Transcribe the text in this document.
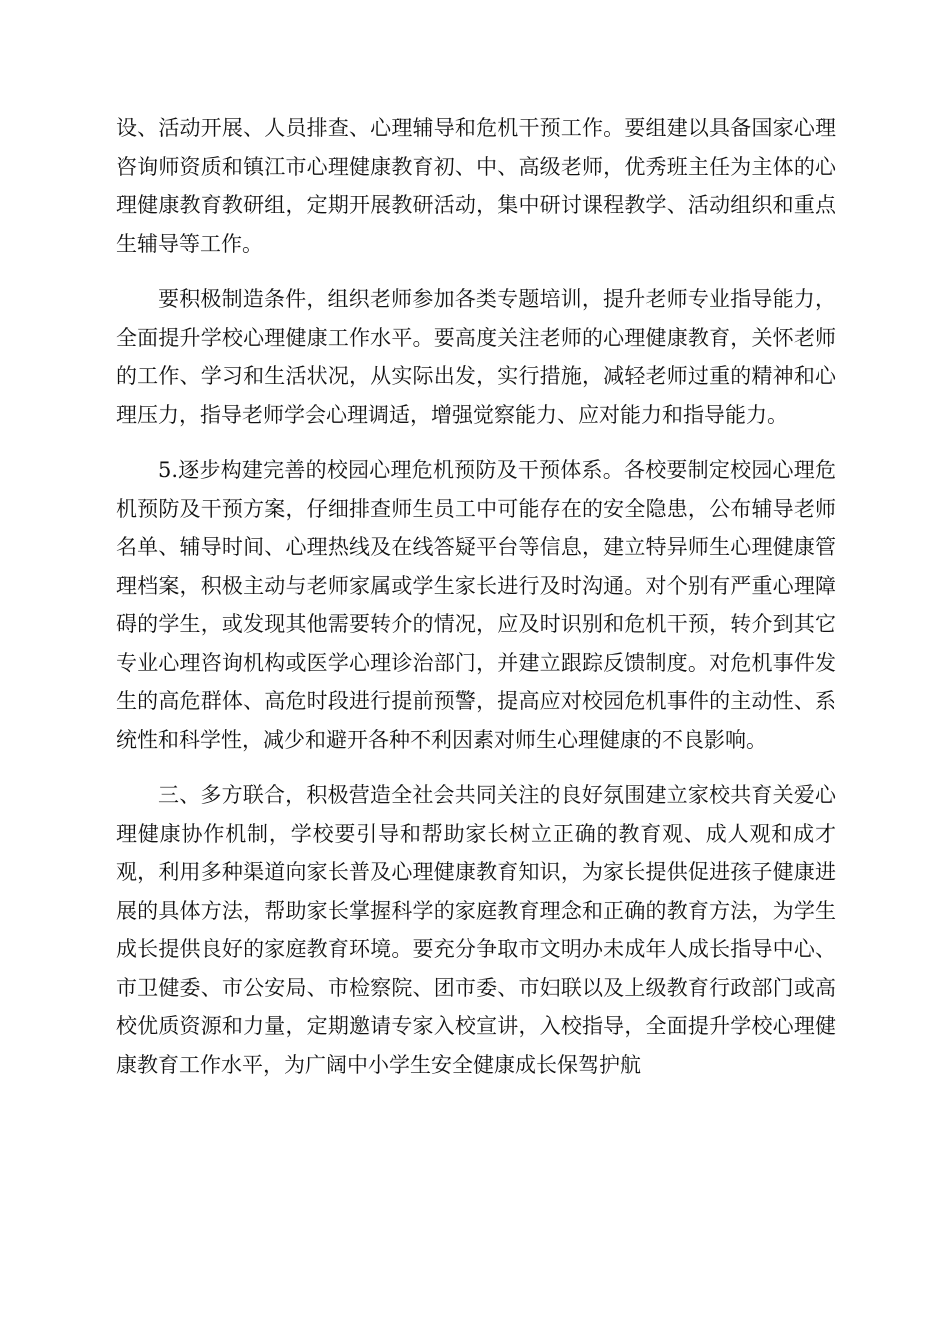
设、活动开展、人员排查、心理辅导和危机干预工作。要组建以具备国家心理咨询师资质和镇江市心理健康教育初、中、高级老师，优秀班主任为主体的心理健康教育教研组，定期开展教研活动，集中研讨课程教学、活动组织和重点生辅导等工作。

要积极制造条件，组织老师参加各类专题培训，提升老师专业指导能力，全面提升学校心理健康工作水平。要高度关注老师的心理健康教育，关怀老师的工作、学习和生活状况，从实际出发，实行措施，减轻老师过重的精神和心理压力，指导老师学会心理调适，增强觉察能力、应对能力和指导能力。

5.逐步构建完善的校园心理危机预防及干预体系。各校要制定校园心理危机预防及干预方案，仔细排查师生员工中可能存在的安全隐患，公布辅导老师名单、辅导时间、心理热线及在线答疑平台等信息，建立特异师生心理健康管理档案，积极主动与老师家属或学生家长进行及时沟通。对个别有严重心理障碍的学生，或发现其他需要转介的情况，应及时识别和危机干预，转介到其它专业心理咨询机构或医学心理诊治部门，并建立跟踪反馈制度。对危机事件发生的高危群体、高危时段进行提前预警，提高应对校园危机事件的主动性、系统性和科学性，减少和避开各种不利因素对师生心理健康的不良影响。

三、多方联合，积极营造全社会共同关注的良好氛围建立家校共育关爱心理健康协作机制，学校要引导和帮助家长树立正确的教育观、成人观和成才观，利用多种渠道向家长普及心理健康教育知识，为家长提供促进孩子健康进展的具体方法，帮助家长掌握科学的家庭教育理念和正确的教育方法，为学生成长提供良好的家庭教育环境。要充分争取市文明办未成年人成长指导中心、市卫健委、市公安局、市检察院、团市委、市妇联以及上级教育行政部门或高校优质资源和力量，定期邀请专家入校宣讲，入校指导，全面提升学校心理健康教育工作水平，为广阔中小学生安全健康成长保驾护航
